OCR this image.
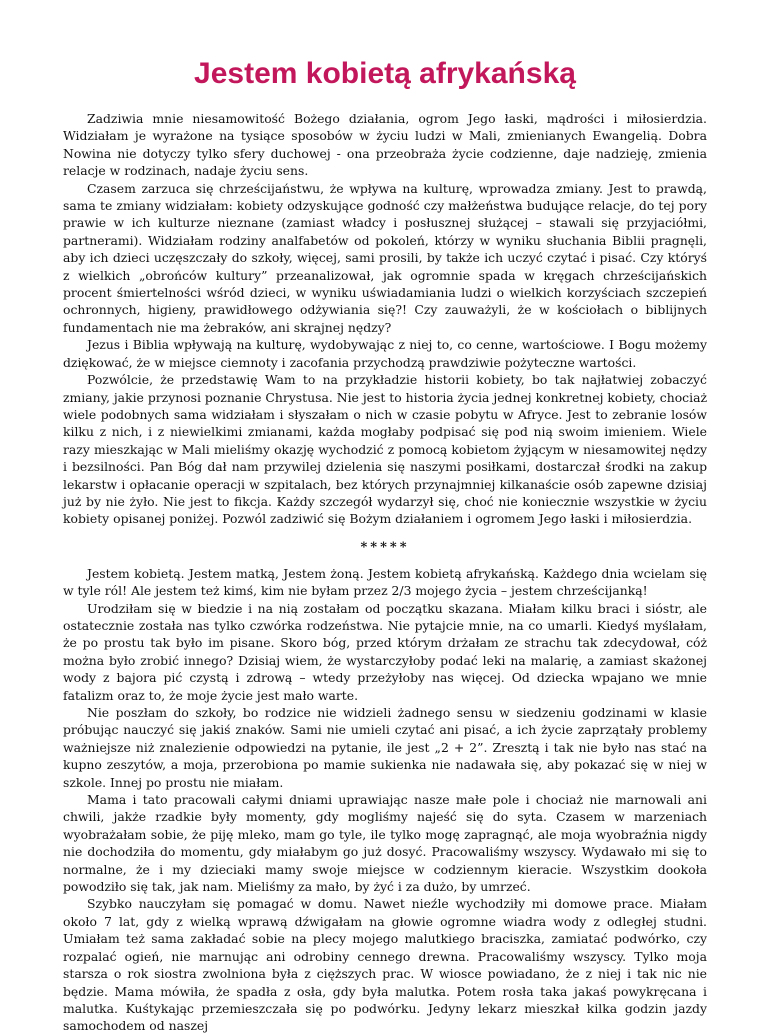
Jestem kobietą afrykańską

Zadziwia mnie niesamowitość Bożego działania, ogrom Jego łaski, mądrości i miłosierdzia. Widziałam je wyrażone na tysiące sposobów w życiu ludzi w Mali, zmienianych Ewangelią. Dobra Nowina nie dotyczy tylko sfery duchowej - ona przeobraża życie codzienne, daje nadzieję, zmienia relacje w rodzinach, nadaje życiu sens.

Czasem zarzuca się chrześcijaństwu, że wpływa na kulturę, wprowadza zmiany. Jest to prawdą, sama te zmiany widziałam: kobiety odzyskujące godność czy małżeństwa budujące relacje, do tej pory prawie w ich kulturze nieznane (zamiast władcy i posłusznej służącej – stawali się przyjaciółmi, partnerami). Widziałam rodziny analfabetów od pokoleń, którzy w wyniku słuchania Biblii pragnęli, aby ich dzieci uczęszczały do szkoły, więcej, sami prosili, by także ich uczyć czytać i pisać. Czy któryś z wielkich „obrońców kultury” przeanalizował, jak ogromnie spada w kręgach chrześcijańskich procent śmiertelności wśród dzieci, w wyniku uświadamiania ludzi o wielkich korzyściach szczepień ochronnych, higieny, prawidłowego odżywiania się?! Czy zauważyli, że w kościołach o biblijnych fundamentach nie ma żebraków, ani skrajnej nędzy?

Jezus i Biblia wpływają na kulturę, wydobywając z niej to, co cenne, wartościowe. I Bogu możemy dziękować, że w miejsce ciemnoty i zacofania przychodzą prawdziwie pożyteczne wartości.

Pozwólcie, że przedstawię Wam to na przykładzie historii kobiety, bo tak najłatwiej zobaczyć zmiany, jakie przynosi poznanie Chrystusa. Nie jest to historia życia jednej konkretnej kobiety, chociaż wiele podobnych sama widziałam i słyszałam o nich w czasie pobytu w Afryce. Jest to zebranie losów kilku z nich, i z niewielkimi zmianami, każda mogłaby podpisać się pod nią swoim imieniem. Wiele razy mieszkając w Mali mieliśmy okazję wychodzić z pomocą kobietom żyjącym w niesamowitej nędzy i bezsilności. Pan Bóg dał nam przywilej dzielenia się naszymi posiłkami, dostarczał środki na zakup lekarstw i opłacanie operacji w szpitalach, bez których przynajmniej kilkanaście osób zapewne dzisiaj już by nie żyło. Nie jest to fikcja. Każdy szczegół wydarzył się, choć nie koniecznie wszystkie w życiu kobiety opisanej poniżej. Pozwól zadziwić się Bożym działaniem i ogromem Jego łaski i miłosierdzia.

*****

Jestem kobietą. Jestem matką, Jestem żoną. Jestem kobietą afrykańską. Każdego dnia wcielam się w tyle ról! Ale jestem też kimś, kim nie byłam przez 2/3 mojego życia – jestem chrześcijanką!

Urodziłam się w biedzie i na nią zostałam od początku skazana. Miałam kilku braci i sióstr, ale ostatecznie została nas tylko czwórka rodzeństwa. Nie pytajcie mnie, na co umarli. Kiedyś myślałam, że po prostu tak było im pisane. Skoro bóg, przed którym drżałam ze strachu tak zdecydował, cóż można było zrobić innego? Dzisiaj wiem, że wystarczyłoby podać leki na malarię, a zamiast skażonej wody z bajora pić czystą i zdrową – wtedy przeżyłoby nas więcej. Od dziecka wpajano we mnie fatalizm oraz to, że moje życie jest mało warte.

Nie poszłam do szkoły, bo rodzice nie widzieli żadnego sensu w siedzeniu godzinami w klasie próbując nauczyć się jakiś znaków. Sami nie umieli czytać ani pisać, a ich życie zaprzątały problemy ważniejsze niż znalezienie odpowiedzi na pytanie, ile jest „2 + 2”. Zresztą i tak nie było nas stać na kupno zeszytów, a moja, przerobiona po mamie sukienka nie nadawała się, aby pokazać się w niej w szkole. Innej po prostu nie miałam.

Mama i tato pracowali całymi dniami uprawiając nasze małe pole i chociaż nie marnowali ani chwili, jakże rzadkie były momenty, gdy mogliśmy najeść się do syta. Czasem w marzeniach wyobrażałam sobie, że piję mleko, mam go tyle, ile tylko mogę zapragnąć, ale moja wyobraźnia nigdy nie dochodziła do momentu, gdy miałabym go już dosyć. Pracowaliśmy wszyscy. Wydawało mi się to normalne, że i my dzieciaki mamy swoje miejsce w codziennym kieracie. Wszystkim dookoła powodziło się tak, jak nam. Mieliśmy za mało, by żyć i za dużo, by umrzeć.

Szybko nauczyłam się pomagać w domu. Nawet nieźle wychodziły mi domowe prace. Miałam około 7 lat, gdy z wielką wprawą dźwigałam na głowie ogromne wiadra wody z odległej studni. Umiałam też sama zakładać sobie na plecy mojego malutkiego braciszka, zamiatać podwórko, czy rozpalać ogień, nie marnując ani odrobiny cennego drewna. Pracowaliśmy wszyscy. Tylko moja starsza o rok siostra zwolniona była z cięższych prac. W wiosce powiadano, że z niej i tak nic nie będzie. Mama mówiła, że spadła z osła, gdy była malutka. Potem rosła taka jakaś powykręcana i malutka. Kuśtykając przemieszczała się po podwórku. Jedyny lekarz mieszkał kilka godzin jazdy samochodem od naszej
